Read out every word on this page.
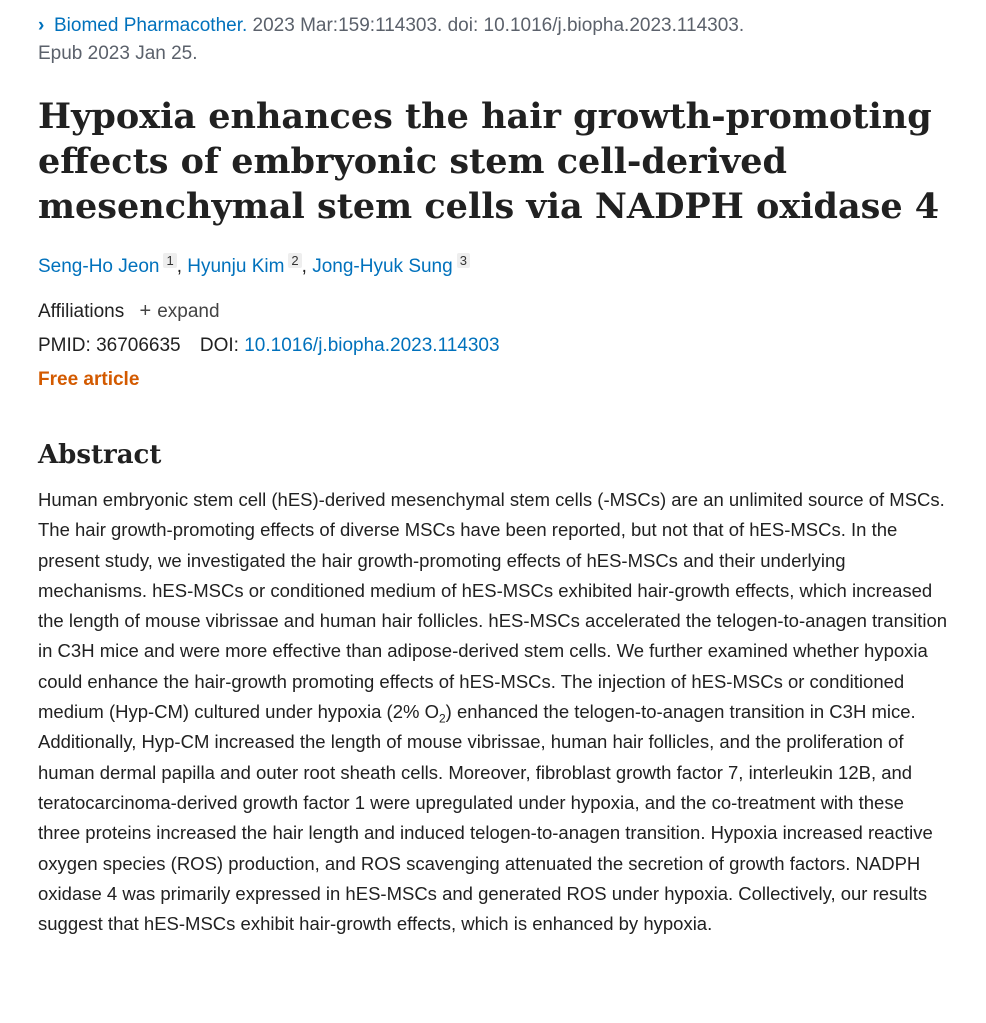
› Biomed Pharmacother. 2023 Mar:159:114303. doi: 10.1016/j.biopha.2023.114303.
Epub 2023 Jan 25.
Hypoxia enhances the hair growth-promoting effects of embryonic stem cell-derived mesenchymal stem cells via NADPH oxidase 4
Seng-Ho Jeon 1 , Hyunju Kim 2 , Jong-Hyuk Sung 3
Affiliations + expand
PMID: 36706635 DOI: 10.1016/j.biopha.2023.114303
Free article
Abstract
Human embryonic stem cell (hES)-derived mesenchymal stem cells (-MSCs) are an unlimited source of MSCs. The hair growth-promoting effects of diverse MSCs have been reported, but not that of hES-MSCs. In the present study, we investigated the hair growth-promoting effects of hES-MSCs and their underlying mechanisms. hES-MSCs or conditioned medium of hES-MSCs exhibited hair-growth effects, which increased the length of mouse vibrissae and human hair follicles. hES-MSCs accelerated the telogen-to-anagen transition in C3H mice and were more effective than adipose-derived stem cells. We further examined whether hypoxia could enhance the hair-growth promoting effects of hES-MSCs. The injection of hES-MSCs or conditioned medium (Hyp-CM) cultured under hypoxia (2% $O_2$) enhanced the telogen-to-anagen transition in C3H mice. Additionally, Hyp-CM increased the length of mouse vibrissae, human hair follicles, and the proliferation of human dermal papilla and outer root sheath cells. Moreover, fibroblast growth factor 7, interleukin 12B, and teratocarcinoma-derived growth factor 1 were upregulated under hypoxia, and the co-treatment with these three proteins increased the hair length and induced telogen-to-anagen transition. Hypoxia increased reactive oxygen species (ROS) production, and ROS scavenging attenuated the secretion of growth factors. NADPH oxidase 4 was primarily expressed in hES-MSCs and generated ROS under hypoxia. Collectively, our results suggest that hES-MSCs exhibit hair-growth effects, which is enhanced by hypoxia.
